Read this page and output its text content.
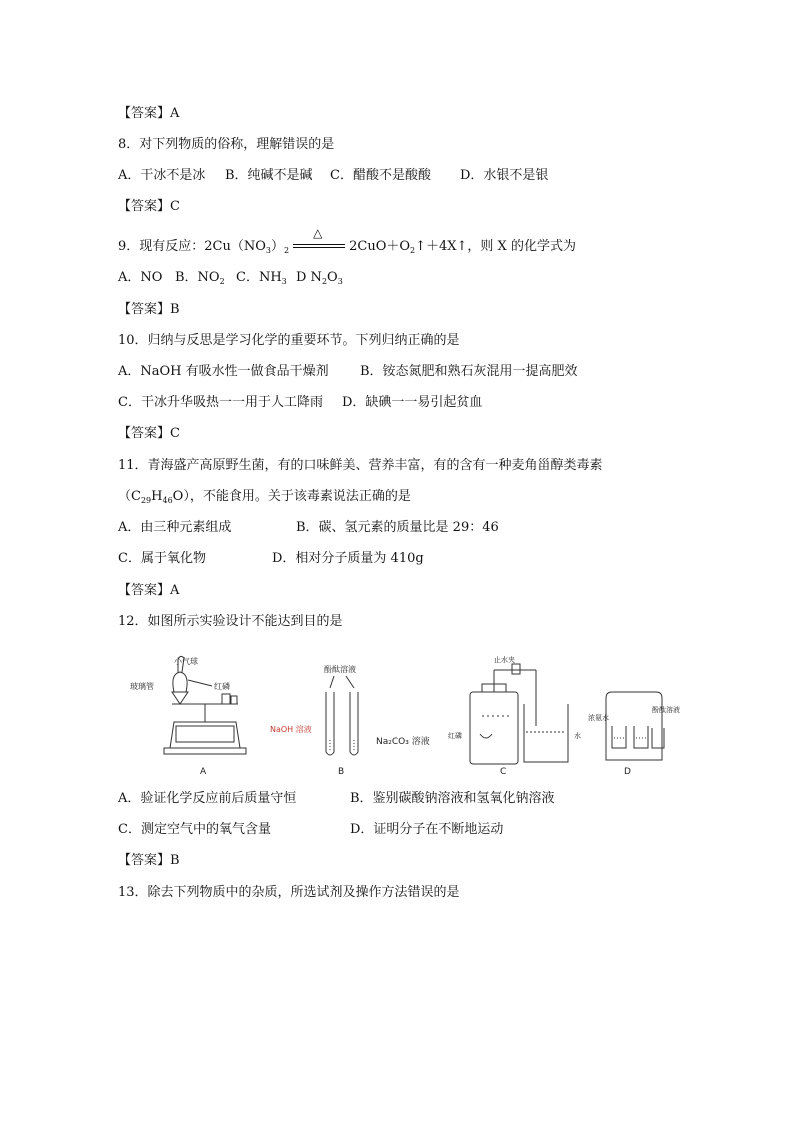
【答案】A
8．对下列物质的俗称，理解错误的是
A．干冰不是冰 B．纯碱不是碱 C．醋酸不是酸酸 D．水银不是银
【答案】C
9．现有反应：$2Cu(NO_3)_2$
△
$2CuO+O_2↑+4X↑$，则 X 的化学式为
A．NO B．$NO_2$ C．$NH_3$ D $N_2O_3$
【答案】B
10．归纳与反思是学习化学的重要环节。下列归纳正确的是
A．NaOH 有吸水性一做食品干燥剂 B．铵态氮肥和熟石灰混用一提高肥效
C．干冰升华吸热一一用于人工降雨 D．缺碘一一易引起贫血
【答案】C
11．青海盛产高原野生菌，有的口味鲜美、营养丰富，有的含有一种麦角甾醇类毒素
$(C_{29}H_{46}O)$，不能食用。关于该毒素说法正确的是
A．由三种元素组成	B．碳、氢元素的质量比是 29：46
C．属于氧化物	D．相对分子质量为 410g
【答案】A
12．如图所示实验设计不能达到目的是
小气球
玻璃管	红磷
酚酞溶液
NaOH 溶液
Na₂CO₃ 溶液
止水夹
红磷	水
浓氨水
酚酞溶液
A	B	C	D
A．验证化学反应前后质量守恒	B．鉴别碳酸钠溶液和氢氧化钠溶液
C．测定空气中的氧气含量	D．证明分子在不断地运动
【答案】B
13．除去下列物质中的杂质，所选试剂及操作方法错误的是
